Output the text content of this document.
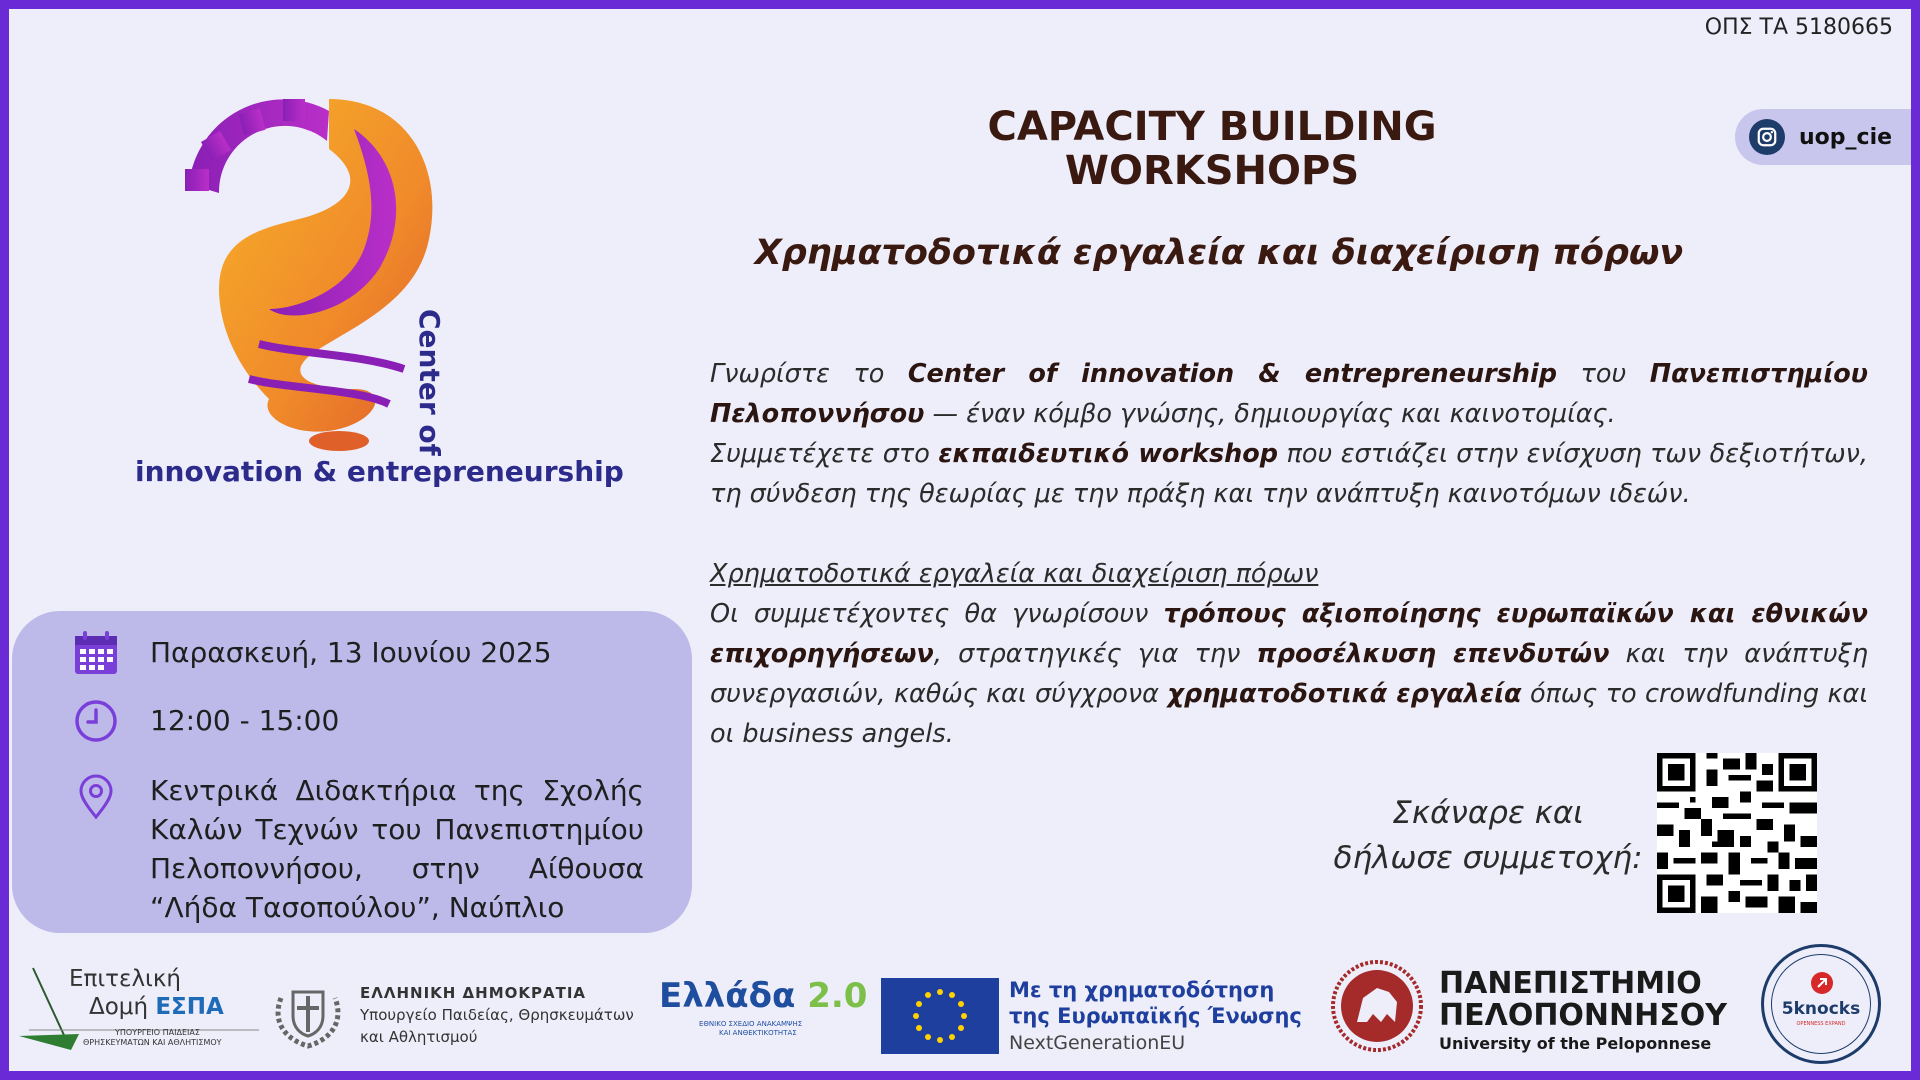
ΟΠΣ ΤΑ 5180665
uop_cie
Center of
innovation & entrepreneurship
CAPACITY BUILDING
WORKSHOPS
Χρηματοδοτικά εργαλεία και διαχείριση πόρων
Γνωρίστε το Center of innovation & entrepreneurship του Πανεπιστημίου Πελοποννήσου — έναν κόμβο γνώσης, δημιουργίας και καινοτομίας.
Συμμετέχετε στο εκπαιδευτικό workshop που εστιάζει στην ενίσχυση των δεξιοτήτων, τη σύνδεση της θεωρίας με την πράξη και την ανάπτυξη καινοτόμων ιδεών.
Χρηματοδοτικά εργαλεία και διαχείριση πόρων
Οι συμμετέχοντες θα γνωρίσουν τρόπους αξιοποίησης ευρωπαϊκών και εθνικών επιχορηγήσεων, στρατηγικές για την προσέλκυση επενδυτών και την ανάπτυξη συνεργασιών, καθώς και σύγχρονα χρηματοδοτικά εργαλεία όπως το crowdfunding και οι business angels.
Σκάναρε και δήλωσε συμμετοχή:
Παρασκευή, 13 Ιουνίου 2025
12:00 - 15:00
Κεντρικά Διδακτήρια της Σχολής Καλών Τεχνών του Πανεπιστημίου Πελοποννήσου, στην Αίθουσα “Λήδα Τασοπούλου”, Ναύπλιο
Επιτελική
Δομή ΕΣΠΑ
ΥΠΟΥΡΓΕΙΟ ΠΑΙΔΕΙΑΣ
ΘΡΗΣΚΕΥΜΑΤΩΝ ΚΑΙ ΑΘΛΗΤΙΣΜΟΥ
ΕΛΛΗΝΙΚΗ ΔΗΜΟΚΡΑΤΙΑ
Υπουργείο Παιδείας, Θρησκευμάτων
και Αθλητισμού
Ελλάδα 2.0
ΕΘΝΙΚΟ ΣΧΕΔΙΟ ΑΝΑΚΑΜΨΗΣ
ΚΑΙ ΑΝΘΕΚΤΙΚΟΤΗΤΑΣ
Με τη χρηματοδότηση
της Ευρωπαϊκής Ένωσης
NextGenerationEU
ΠΑΝΕΠΙΣΤΗΜΙΟ
ΠΕΛΟΠΟΝΝΗΣΟΥ
University of the Peloponnese
5knocks
OPENNESS EXPAND
